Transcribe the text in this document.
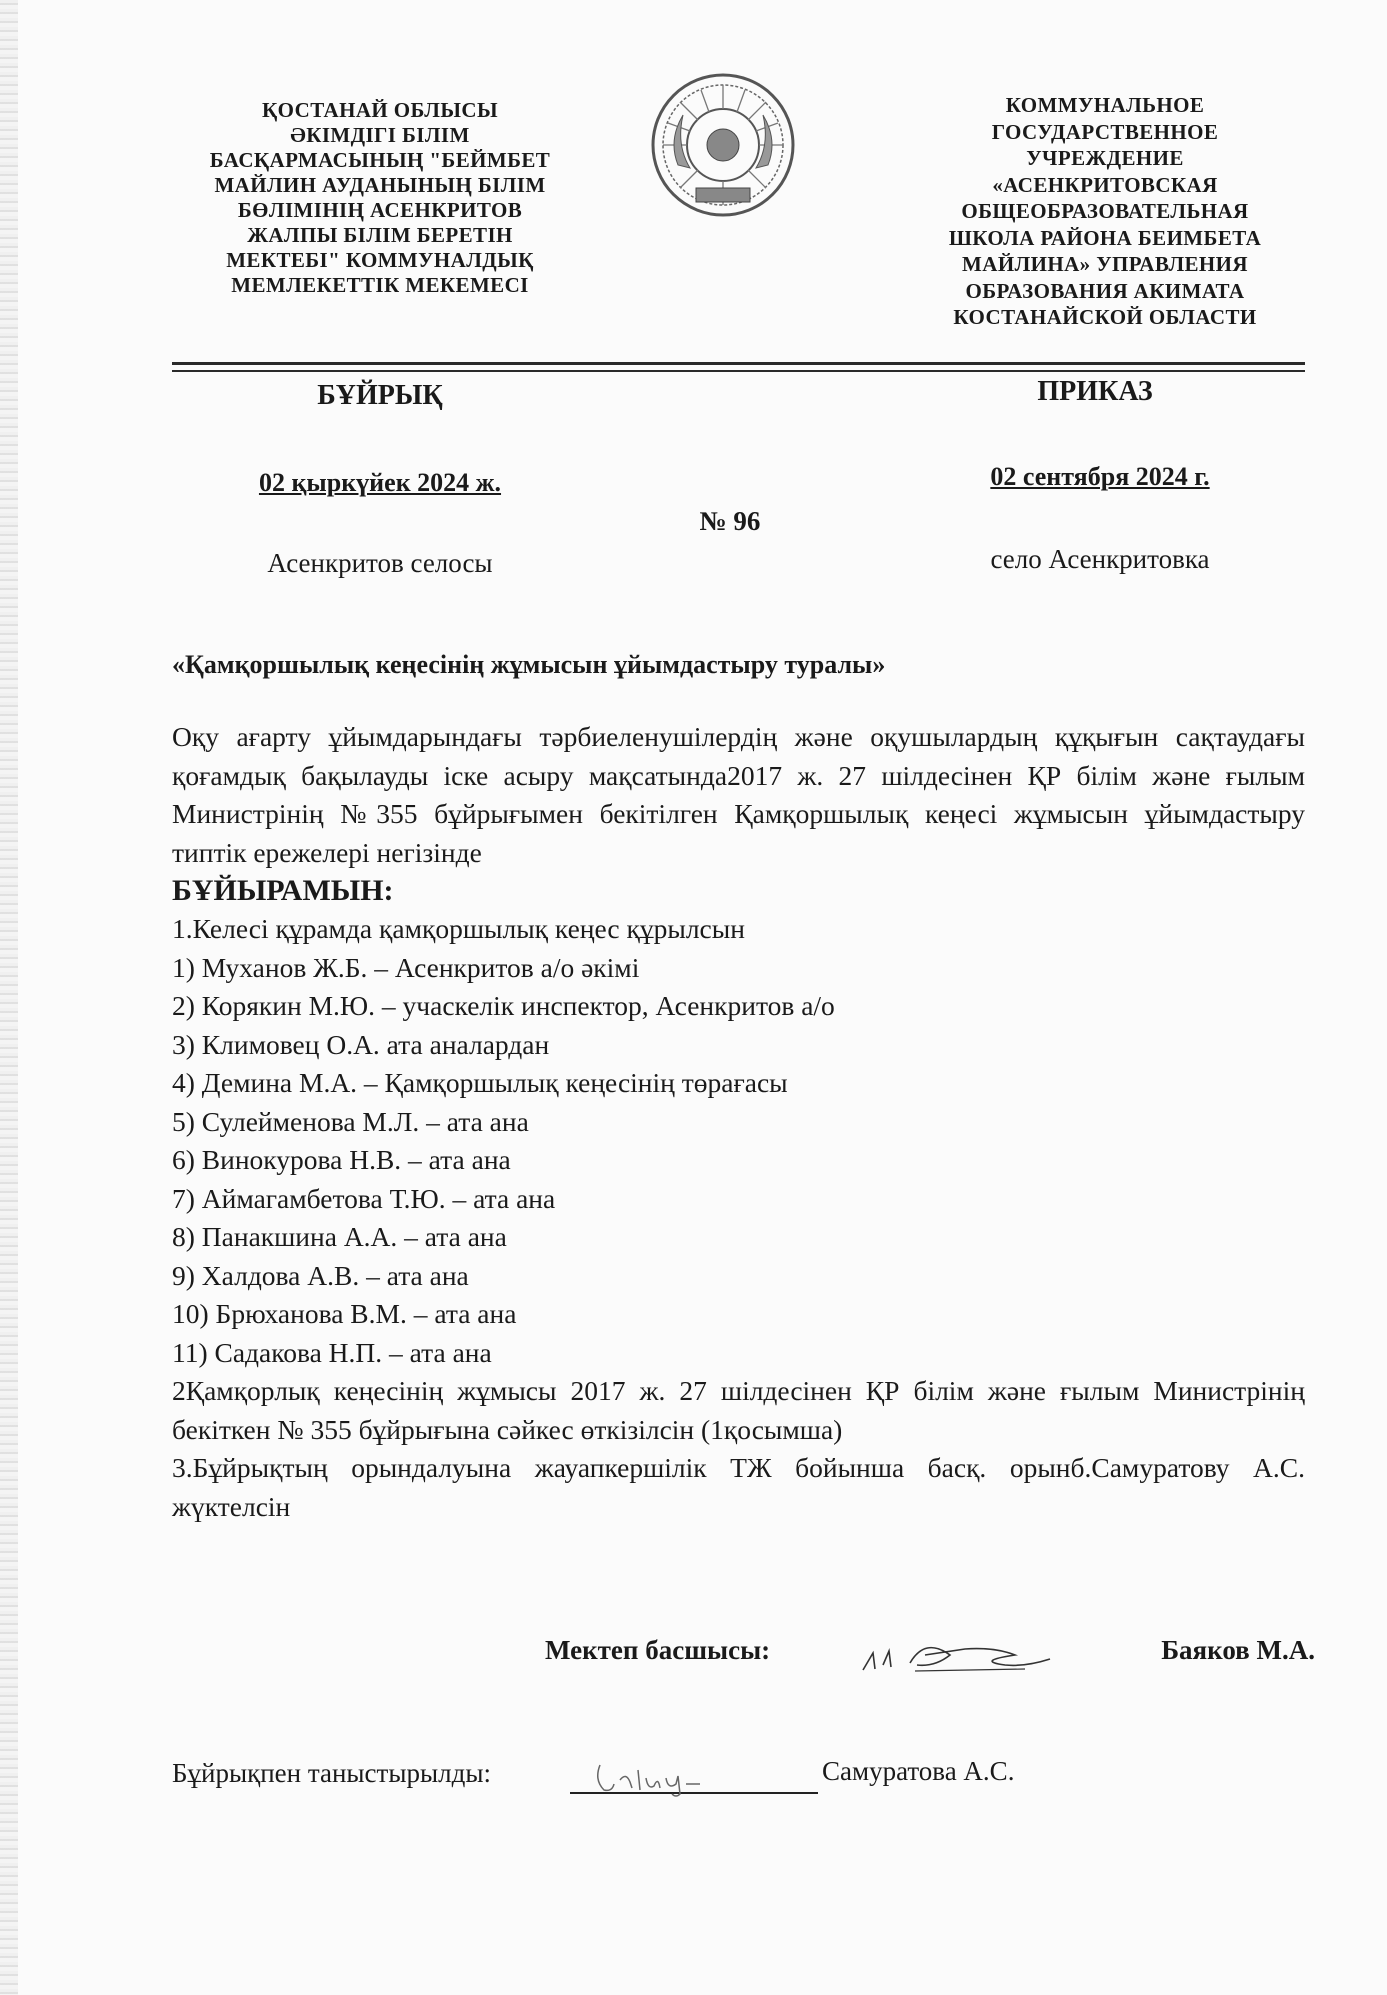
ҚОСТАНАЙ ОБЛЫСЫ
ӘКІМДІГІ БІЛІМ
БАСҚАРМАСЫНЫҢ "БЕЙМБЕТ
МАЙЛИН АУДАНЫНЫҢ БІЛІМ
БӨЛІМІНІҢ АСЕНКРИТОВ
ЖАЛПЫ БІЛІМ БЕРЕТІН
МЕКТЕБІ" КОММУНАЛДЫҚ
МЕМЛЕКЕТТІК МЕКЕМЕСІ
КОММУНАЛЬНОЕ
ГОСУДАРСТВЕННОЕ
УЧРЕЖДЕНИЕ
«АСЕНКРИТОВСКАЯ
ОБЩЕОБРАЗОВАТЕЛЬНАЯ
ШКОЛА РАЙОНА БЕИМБЕТА
МАЙЛИНА» УПРАВЛЕНИЯ
ОБРАЗОВАНИЯ АКИМАТА
КОСТАНАЙСКОЙ ОБЛАСТИ
БҰЙРЫҚ	ПРИКАЗ
02 қыркүйек 2024 ж.	02 сентября 2024 г.
№ 96
Асенкритов селосы	село Асенкритовка
«Қамқоршылық кеңесінің жұмысын ұйымдастыру туралы»
Оқу ағарту ұйымдарындағы тәрбиеленушілердің және оқушылардың құқығын сақтаудағы қоғамдық бақылауды іске асыру мақсатында2017 ж. 27 шілдесінен ҚР білім және ғылым Министрінің №355 бұйрығымен бекітілген Қамқоршылық кеңесі жұмысын ұйымдастыру типтік ережелері негізінде
БҰЙЫРАМЫН:
1.Келесі құрамда қамқоршылық кеңес құрылсын
1) Муханов Ж.Б. – Асенкритов а/о әкімі
2) Корякин М.Ю. – учаскелік инспектор, Асенкритов а/о
3) Климовец О.А. ата аналардан
4) Демина М.А. – Қамқоршылық кеңесінің төрағасы
5) Сулейменова М.Л. – ата ана
6) Винокурова Н.В. – ата ана
7) Аймагамбетова Т.Ю. – ата ана
8) Панакшина А.А. – ата ана
9) Халдова А.В. – ата ана
10) Брюханова В.М. – ата ана
11) Садакова Н.П. – ата ана
2Қамқорлық кеңесінің жұмысы 2017 ж. 27 шілдесінен ҚР білім және ғылым Министрінің бекіткен № 355 бұйрығына сәйкес өткізілсін (1қосымша)
3.Бұйрықтың орындалуына жауапкершілік ТЖ бойынша басқ. орынб.Самуратову А.С. жүктелсін
Мектеп басшысы:	Баяков М.А.
Бұйрықпен таныстырылды:	Самуратова А.С.
